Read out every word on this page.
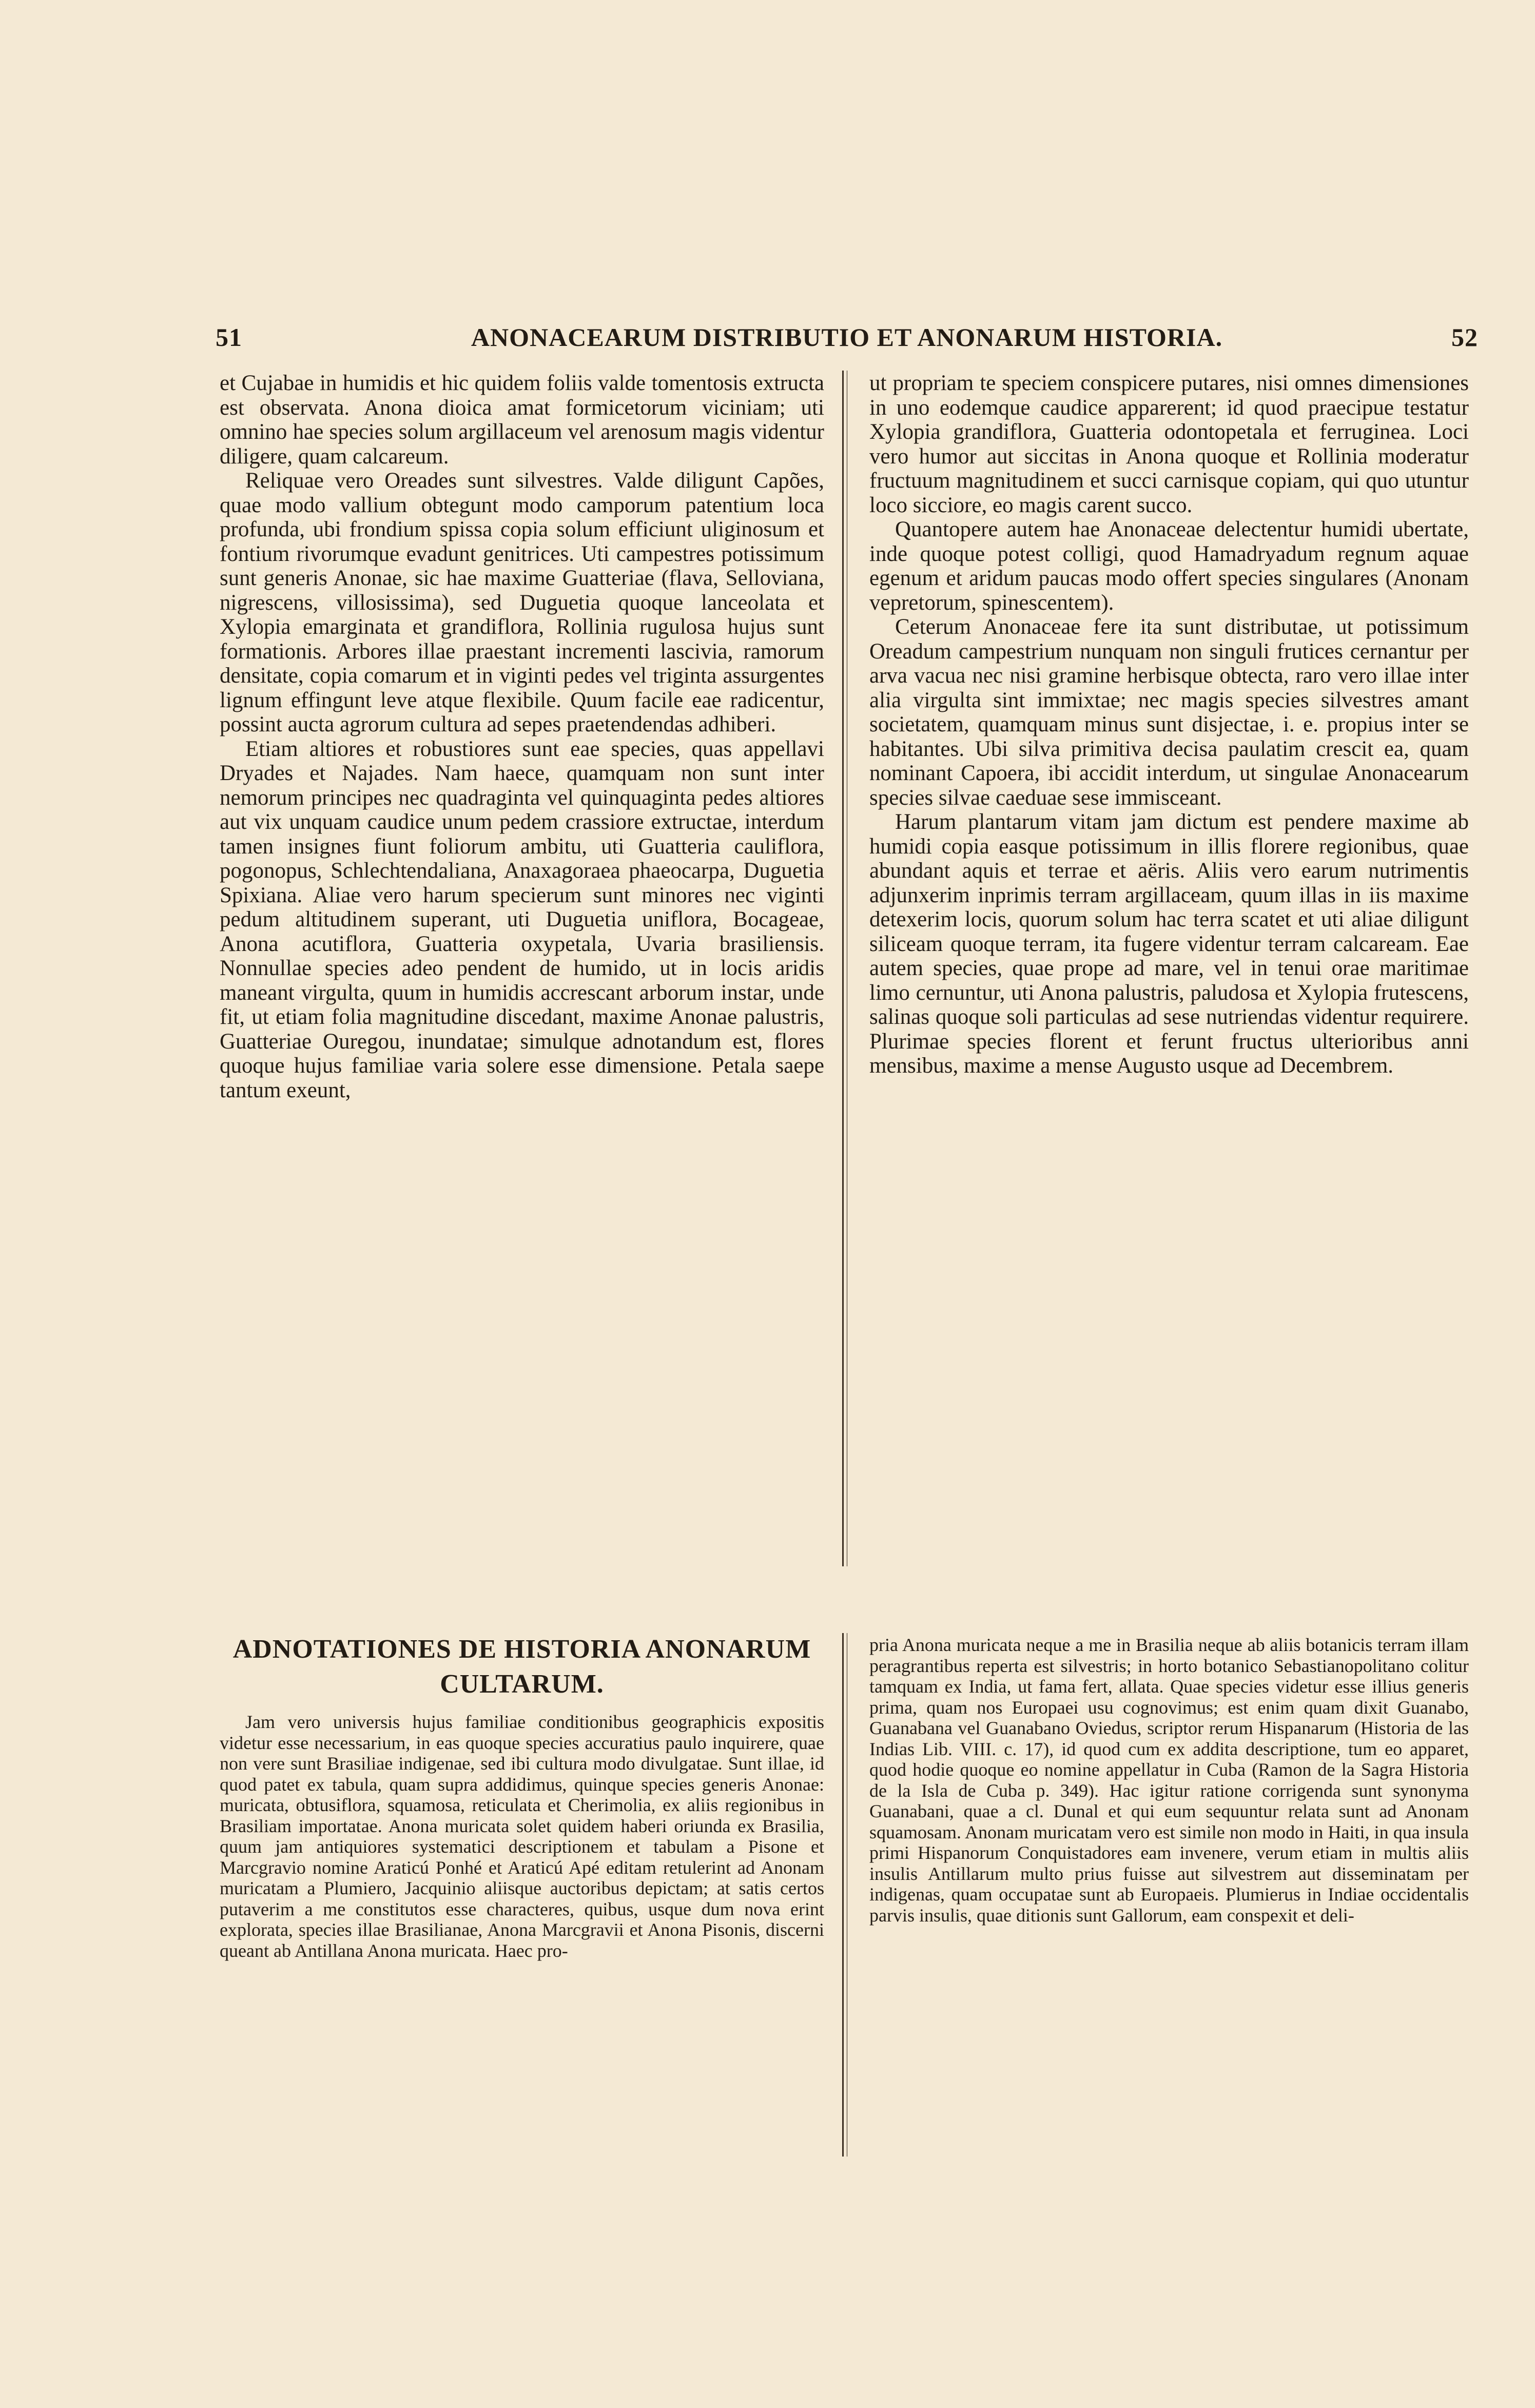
51	ANONACEARUM DISTRIBUTIO ET ANONARUM HISTORIA.	52

et Cujabae in humidis et hic quidem foliis valde tomentosis extructa est observata. Anona dioica amat formicetorum viciniam; uti omnino hae species solum argillaceum vel arenosum magis videntur diligere, quam calcareum.

Reliquae vero Oreades sunt silvestres. Valde diligunt Capões, quae modo vallium obtegunt modo camporum patentium loca profunda, ubi frondium spissa copia solum efficiunt uliginosum et fontium rivorumque evadunt genitrices. Uti campestres potissimum sunt generis Anonae, sic hae maxime Guatteriae (flava, Selloviana, nigrescens, villosissima), sed Duguetia quoque lanceolata et Xylopia emarginata et grandiflora, Rollinia rugulosa hujus sunt formationis. Arbores illae praestant incrementi lascivia, ramorum densitate, copia comarum et in viginti pedes vel triginta assurgentes lignum effingunt leve atque flexibile. Quum facile eae radicentur, possint aucta agrorum cultura ad sepes praetendendas adhiberi.

Etiam altiores et robustiores sunt eae species, quas appellavi Dryades et Najades. Nam haece, quamquam non sunt inter nemorum principes nec quadraginta vel quinquaginta pedes altiores aut vix unquam caudice unum pedem crassiore extructae, interdum tamen insignes fiunt foliorum ambitu, uti Guatteria cauliflora, pogonopus, Schlechtendaliana, Anaxagoraea phaeocarpa, Duguetia Spixiana. Aliae vero harum specierum sunt minores nec viginti pedum altitudinem superant, uti Duguetia uniflora, Bocageae, Anona acutiflora, Guatteria oxypetala, Uvaria brasiliensis. Nonnullae species adeo pendent de humido, ut in locis aridis maneant virgulta, quum in humidis accrescant arborum instar, unde fit, ut etiam folia magnitudine discedant, maxime Anonae palustris, Guatteriae Ouregou, inundatae; simulque adnotandum est, flores quoque hujus familiae varia solere esse dimensione. Petala saepe tantum exeunt,

ut propriam te speciem conspicere putares, nisi omnes dimensiones in uno eodemque caudice apparerent; id quod praecipue testatur Xylopia grandiflora, Guatteria odontopetala et ferruginea. Loci vero humor aut siccitas in Anona quoque et Rollinia moderatur fructuum magnitudinem et succi carnisque copiam, qui quo utuntur loco sicciore, eo magis carent succo.

Quantopere autem hae Anonaceae delectentur humidi ubertate, inde quoque potest colligi, quod Hamadryadum regnum aquae egenum et aridum paucas modo offert species singulares (Anonam vepretorum, spinescentem).

Ceterum Anonaceae fere ita sunt distributae, ut potissimum Oreadum campestrium nunquam non singuli frutices cernantur per arva vacua nec nisi gramine herbisque obtecta, raro vero illae inter alia virgulta sint immixtae; nec magis species silvestres amant societatem, quamquam minus sunt disjectae, i. e. propius inter se habitantes. Ubi silva primitiva decisa paulatim crescit ea, quam nominant Capoera, ibi accidit interdum, ut singulae Anonacearum species silvae caeduae sese immisceant.

Harum plantarum vitam jam dictum est pendere maxime ab humidi copia easque potissimum in illis florere regionibus, quae abundant aquis et terrae et aëris. Aliis vero earum nutrimentis adjunxerim inprimis terram argillaceam, quum illas in iis maxime detexerim locis, quorum solum hac terra scatet et uti aliae diligunt siliceam quoque terram, ita fugere videntur terram calcaream. Eae autem species, quae prope ad mare, vel in tenui orae maritimae limo cernuntur, uti Anona palustris, paludosa et Xylopia frutescens, salinas quoque soli particulas ad sese nutriendas videntur requirere. Plurimae species florent et ferunt fructus ulterioribus anni mensibus, maxime a mense Augusto usque ad Decembrem.

ADNOTATIONES DE HISTORIA ANONARUM CULTARUM.

Jam vero universis hujus familiae conditionibus geographicis expositis videtur esse necessarium, in eas quoque species accuratius paulo inquirere, quae non vere sunt Brasiliae indigenae, sed ibi cultura modo divulgatae. Sunt illae, id quod patet ex tabula, quam supra addidimus, quinque species generis Anonae: muricata, obtusiflora, squamosa, reticulata et Cherimolia, ex aliis regionibus in Brasiliam importatae. Anona muricata solet quidem haberi oriunda ex Brasilia, quum jam antiquiores systematici descriptionem et tabulam a Pisone et Marcgravio nomine Araticú Ponhé et Araticú Apé editam retulerint ad Anonam muricatam a Plumiero, Jacquinio aliisque auctoribus depictam; at satis certos putaverim a me constitutos esse characteres, quibus, usque dum nova erint explorata, species illae Brasilianae, Anona Marcgravii et Anona Pisonis, discerni queant ab Antillana Anona muricata. Haec pro-

pria Anona muricata neque a me in Brasilia neque ab aliis botanicis terram illam peragrantibus reperta est silvestris; in horto botanico Sebastianopolitano colitur tamquam ex India, ut fama fert, allata. Quae species videtur esse illius generis prima, quam nos Europaei usu cognovimus; est enim quam dixit Guanabo, Guanabana vel Guanabano Oviedus, scriptor rerum Hispanarum (Historia de las Indias Lib. VIII. c. 17), id quod cum ex addita descriptione, tum eo apparet, quod hodie quoque eo nomine appellatur in Cuba (Ramon de la Sagra Historia de la Isla de Cuba p. 349). Hac igitur ratione corrigenda sunt synonyma Guanabani, quae a cl. Dunal et qui eum sequuntur relata sunt ad Anonam squamosam. Anonam muricatam vero est simile non modo in Haiti, in qua insula primi Hispanorum Conquistadores eam invenere, verum etiam in multis aliis insulis Antillarum multo prius fuisse aut silvestrem aut disseminatam per indigenas, quam occupatae sunt ab Europaeis. Plumierus in Indiae occidentalis parvis insulis, quae ditionis sunt Gallorum, eam conspexit et deli-
